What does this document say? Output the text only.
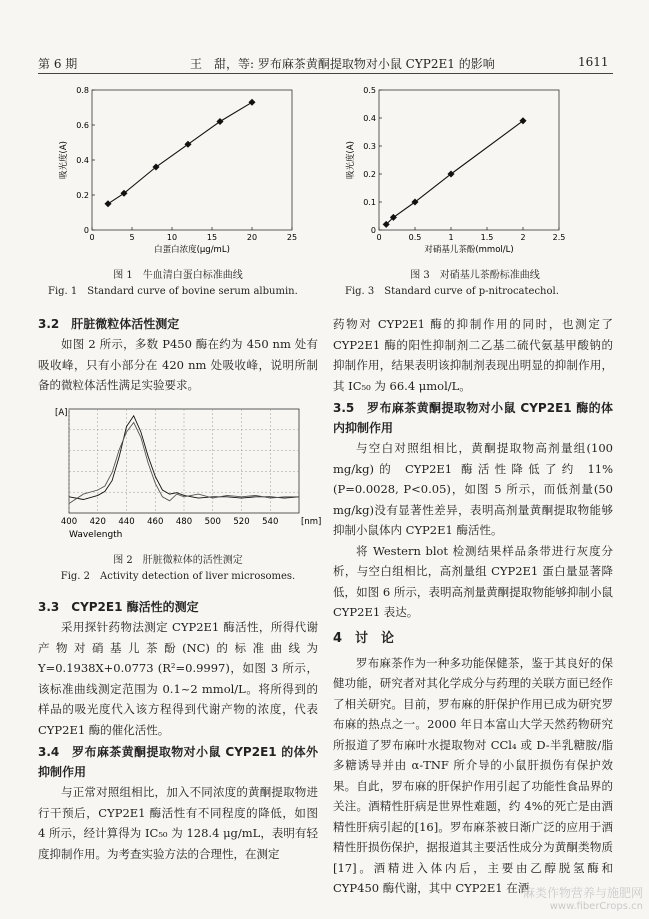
第 6 期	王　甜，等: 罗布麻茶黄酮提取物对小鼠 CYP2E1 的影响	1611
0	5	10	15	20	25
0
0.2
0.4
0.6
0.8
白蛋白浓度(μg/mL)
吸光度(A)
图 1　牛血清白蛋白标准曲线
Fig. 1　Standard curve of bovine serum albumin.
0	0.5	1	1.5	2	2.5
0
0.1
0.2
0.3
0.4
0.5
对硝基儿茶酚(mmol/L)
吸光度(A)
图 3　对硝基儿茶酚标准曲线
Fig. 3　Standard curve of p-nitrocatechol.
3.2　肝脏微粒体活性测定

如图 2 所示，多数 P450 酶在约为 450 nm 处有吸收峰，只有小部分在 420 nm 处吸收峰，说明所制备的微粒体活性满足实验要求。

400 420 440 460 480 500 520 540	[nm]
Wavelength
[A]
图 2　肝脏微粒体的活性测定
Fig. 2　Activity detection of liver microsomes.
3.3　CYP2E1 酶活性的测定

采用探针药物法测定 CYP2E1 酶活性，所得代谢产物对硝基儿茶酚(NC)的标准曲线为 Y=0.1938X+0.0773 (R²=0.9997)，如图 3 所示，该标准曲线测定范围为 0.1~2 mmol/L。将所得到的样品的吸光度代入该方程得到代谢产物的浓度，代表 CYP2E1 酶的催化活性。

3.4　罗布麻茶黄酮提取物对小鼠 CYP2E1 的体外抑制作用

与正常对照组相比，加入不同浓度的黄酮提取物进行干预后，CYP2E1 酶活性有不同程度的降低，如图 4 所示，经计算得为 IC₅₀ 为 128.4 μg/mL，表明有轻度抑制作用。为考查实验方法的合理性，在测定

药物对 CYP2E1 酶的抑制作用的同时，也测定了 CYP2E1 酶的阳性抑制剂二乙基二硫代氨基甲酸钠的抑制作用，结果表明该抑制剂表现出明显的抑制作用，其 IC₅₀ 为 66.4 μmol/L。

3.5　罗布麻茶黄酮提取物对小鼠 CYP2E1 酶的体内抑制作用

与空白对照组相比，黄酮提取物高剂量组(100 mg/kg)的 CYP2E1 酶活性降低了约 11%(P=0.0028, P<0.05)，如图 5 所示，而低剂量(50 mg/kg)没有显著性差异，表明高剂量黄酮提取物能够抑制小鼠体内 CYP2E1 酶活性。

将 Western blot 检测结果样品条带进行灰度分析，与空白组相比，高剂量组 CYP2E1 蛋白量显著降低，如图 6 所示，表明高剂量黄酮提取物能够抑制小鼠 CYP2E1 表达。

4　讨　论

罗布麻茶作为一种多功能保健茶，鉴于其良好的保健功能，研究者对其化学成分与药理的关联方面已经作了相关研究。目前，罗布麻的肝保护作用已成为研究罗布麻的热点之一。2000 年日本富山大学天然药物研究所报道了罗布麻叶水提取物对 CCl₄ 或 D-半乳糖胺/脂多糖诱导并由 α-TNF 所介导的小鼠肝损伤有保护效果。自此，罗布麻的肝保护作用引起了功能性食品界的关注。酒精性肝病是世界性难题，约 4%的死亡是由酒精性肝病引起的[16]。罗布麻茶被日渐广泛的应用于酒精性肝损伤保护，据报道其主要活性成分为黄酮类物质[17]。酒精进入体内后，主要由乙醇脱氢酶和 CYP450 酶代谢，其中 CYP2E1 在酒

麻类作物营养与施肥网
www.fiberCrops.cn
